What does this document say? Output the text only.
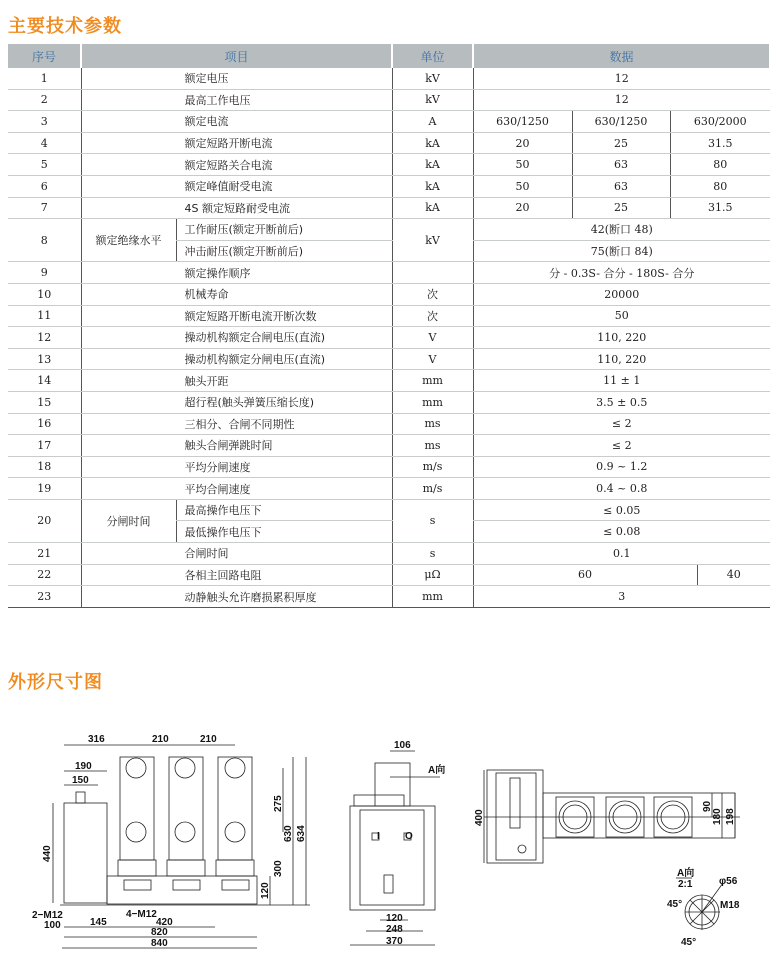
主要技术参数
序号	项目		单位	数据			
1	额定电压		kV	12			
2	最高工作电压		kV	12			
3	额定电流		A	630/1250	630/1250	630/2000	
4	额定短路开断电流		kA	20	25	31.5	
5	额定短路关合电流		kA	50	63	80	
6	额定峰值耐受电流		kA	50	63	80	
7	4S 额定短路耐受电流		kA	20	25	31.5	
8	额定绝缘水平	工作耐压(额定开断前后)	kV	42(断口 48)			
		冲击耐压(额定开断前后)		75(断口 84)			
9	额定操作顺序			分 - 0.3S- 合分 - 180S- 合分			
10	机械寿命		次	20000			
11	额定短路开断电流开断次数		次	50			
12	操动机构额定合闸电压(直流)		V	110, 220			
13	操动机构额定分闸电压(直流)		V	110, 220			
14	触头开距		mm	11 ± 1			
15	超行程(触头弹簧压缩长度)		mm	3.5 ± 0.5			
16	三相分、合闸不同期性		ms	≤ 2			
17	触头合闸弹跳时间		ms	≤ 2			
18	平均分闸速度		m/s	0.9 ~ 1.2			
19	平均合闸速度		m/s	0.4 ~ 0.8			
20	分闸时间	最高操作电压下	s	≤ 0.05			
		最低操作电压下		≤ 0.08			
21	合闸时间		s	0.1			
22	各相主回路电阻		μΩ	60			40
23	动静触头允许磨损累积厚度		mm	3			
外形尺寸图
316	210	210
190
150
440
275
630 634
300
120
2−M12
100	145
4−M12
420
820
840
106
A向
I	O
120
248
370
400
90
180 198
A向
2:1	φ56
M18
45°
45°
